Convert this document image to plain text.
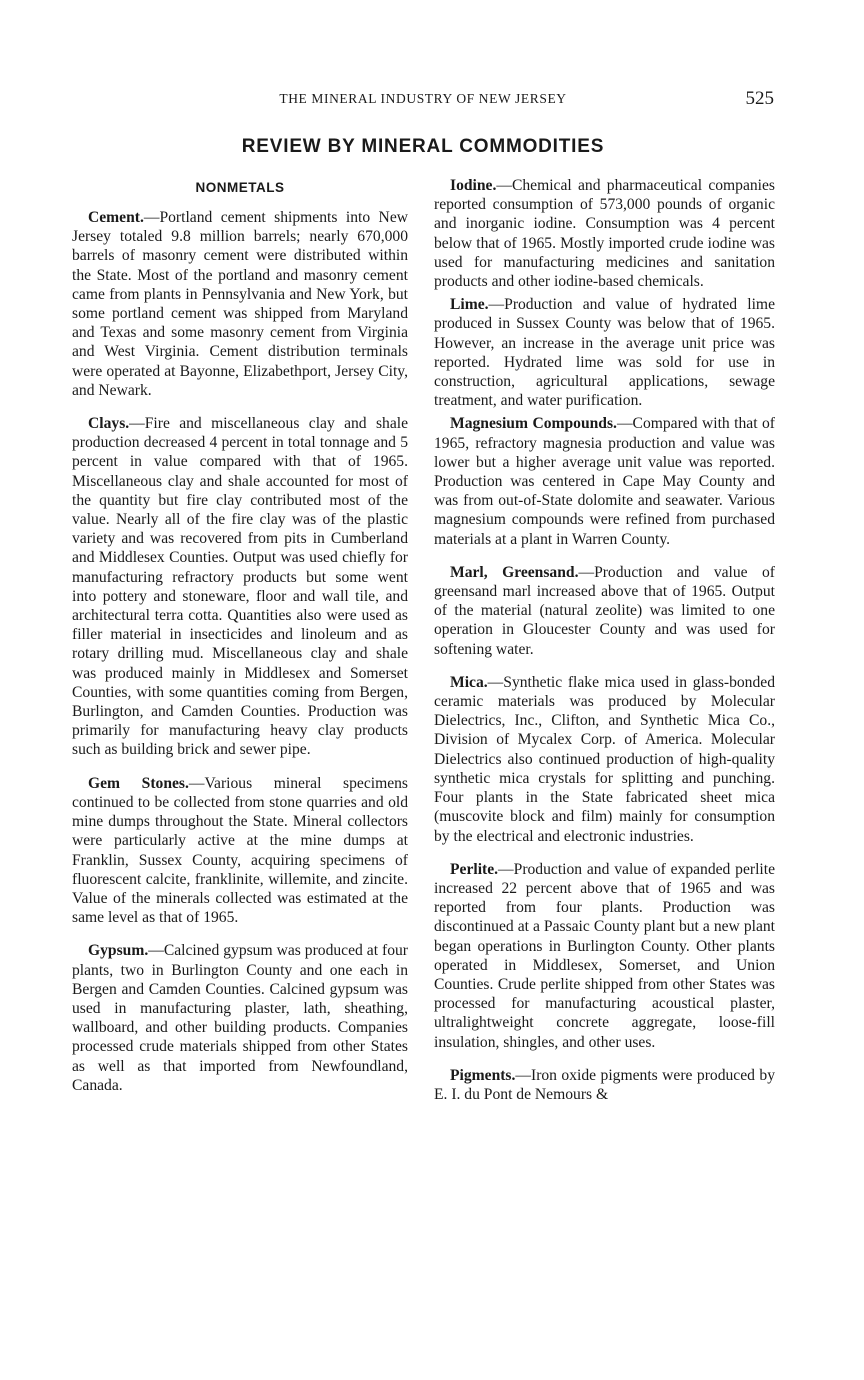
THE MINERAL INDUSTRY OF NEW JERSEY	525
REVIEW BY MINERAL COMMODITIES
NONMETALS

Cement.—Portland cement shipments into New Jersey totaled 9.8 million barrels; nearly 670,000 barrels of masonry cement were distributed within the State. Most of the portland and masonry cement came from plants in Pennsylvania and New York, but some portland cement was shipped from Maryland and Texas and some masonry cement from Virginia and West Virginia. Cement distribution terminals were operated at Bayonne, Elizabethport, Jersey City, and Newark.

Clays.—Fire and miscellaneous clay and shale production decreased 4 percent in total tonnage and 5 percent in value compared with that of 1965. Miscellaneous clay and shale accounted for most of the quantity but fire clay contributed most of the value. Nearly all of the fire clay was of the plastic variety and was recovered from pits in Cumberland and Middlesex Counties. Output was used chiefly for manufacturing refractory products but some went into pottery and stoneware, floor and wall tile, and architectural terra cotta. Quantities also were used as filler material in insecticides and linoleum and as rotary drilling mud. Miscellaneous clay and shale was produced mainly in Middlesex and Somerset Counties, with some quantities coming from Bergen, Burlington, and Camden Counties. Production was primarily for manufacturing heavy clay products such as building brick and sewer pipe.

Gem Stones.—Various mineral specimens continued to be collected from stone quarries and old mine dumps throughout the State. Mineral collectors were particularly active at the mine dumps at Franklin, Sussex County, acquiring specimens of fluorescent calcite, franklinite, willemite, and zincite. Value of the minerals collected was estimated at the same level as that of 1965.

Gypsum.—Calcined gypsum was produced at four plants, two in Burlington County and one each in Bergen and Camden Counties. Calcined gypsum was used in manufacturing plaster, lath, sheathing, wallboard, and other building products. Companies processed crude materials shipped from other States as well as that imported from Newfoundland, Canada.

Iodine.—Chemical and pharmaceutical companies reported consumption of 573,000 pounds of organic and inorganic iodine. Consumption was 4 percent below that of 1965. Mostly imported crude iodine was used for manufacturing medicines and sanitation products and other iodine-based chemicals.

Lime.—Production and value of hydrated lime produced in Sussex County was below that of 1965. However, an increase in the average unit price was reported. Hydrated lime was sold for use in construction, agricultural applications, sewage treatment, and water purification.

Magnesium Compounds.—Compared with that of 1965, refractory magnesia production and value was lower but a higher average unit value was reported. Production was centered in Cape May County and was from out-of-State dolomite and seawater. Various magnesium compounds were refined from purchased materials at a plant in Warren County.

Marl, Greensand.—Production and value of greensand marl increased above that of 1965. Output of the material (natural zeolite) was limited to one operation in Gloucester County and was used for softening water.

Mica.—Synthetic flake mica used in glass-bonded ceramic materials was produced by Molecular Dielectrics, Inc., Clifton, and Synthetic Mica Co., Division of Mycalex Corp. of America. Molecular Dielectrics also continued production of high-quality synthetic mica crystals for splitting and punching. Four plants in the State fabricated sheet mica (muscovite block and film) mainly for consumption by the electrical and electronic industries.

Perlite.—Production and value of expanded perlite increased 22 percent above that of 1965 and was reported from four plants. Production was discontinued at a Passaic County plant but a new plant began operations in Burlington County. Other plants operated in Middlesex, Somerset, and Union Counties. Crude perlite shipped from other States was processed for manufacturing acoustical plaster, ultralightweight concrete aggregate, loose-fill insulation, shingles, and other uses.

Pigments.—Iron oxide pigments were produced by E. I. du Pont de Nemours &
